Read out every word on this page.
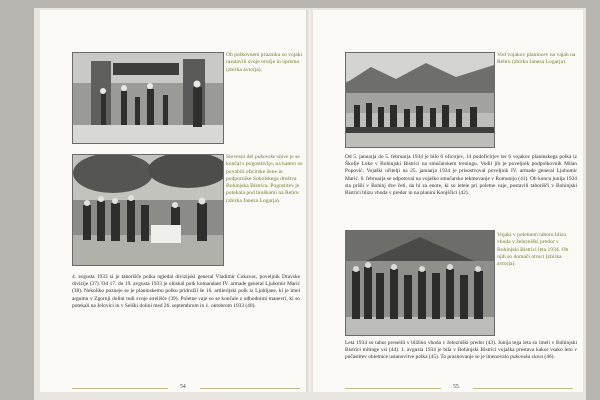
Ob polkovnem prazniku so vojaki razstavili svoje orožje in opremo (zbirka avtorja).
Slovesni del pukovske slave je se končal s pogostitvijo, na katero so povabili oficirske žene in podpornike Sokolskega društva Bohinjska Bistrica. Pogostitev je potekala pod hruškami na Rebru (zbirka Janeza Logarja).

4. avgusta 1933 si je taborišče polka ogledal divizijski general Vladimir Cukavac, poveljnik Dravske divizije (37). Od 17. do 19. avgusta 1933 je obiskal polk komandant IV. armade general Ljubomir Marić (38). Nekoliko pozneje se je planinskemu polku pridružil še 16. artilerijski polk iz Ljubljane, ki je imel argumu v Zgornji dolini tudi svoje strelišče (39). Poletne vaje so se končale z odhodnimi manevri, ki so potekali na Jelovici in v Selški dolini med 26. septembrom in 1. oktobrom 1933 (40).

54
Vod vojakov planincev na vajah na Rebru (zbirka Janeza Logarja).

Od 5. januarja do 5. februarja 1934 je bilo 6 oficirjev, 14 podoficirjev ter 6 vojakov planinskega polka iz Škofje Loke v Bohinjski Bistrici na smučarskem treningu. Vodil jih je poveljnik podpolkovnik Milan Popović. Vojaški učitelji na 25. januarja 1934 je prisostvoval poveljnik IV. armade general Ljubomir Marić. 6. februarja se odpotoval na vojaško smučarsko tekmovanje v Romunijo (41). Ob koncu junija 1934 sta prišli v Bohinj dve četi, da bi za enote, ki so letele pri poletne vaje, postavili taborišči v Bohinjski Bistrici blizu vhoda v predor in na planini Konjščici (42).

Vojaki v poletnem taboru blizu vhoda v železniški predor v Bohinjski Bistrici leta 1934. Ob njih so domači otroci (zbirka avtorja).

Leta 1934 so tabor preselili v bližino vhoda v železniški predor (43). Junija tega leta so imeli v Bohinjski Bistrici mitinge vsi (44). 1. avgusta 1934 je bila v Bohinjski Bistrici vojaška prestava kakor vsako leto v počastitev obletnice ustanovitve polka (45). To praznovanje se je imenovalo pukovska slava (46).

55
